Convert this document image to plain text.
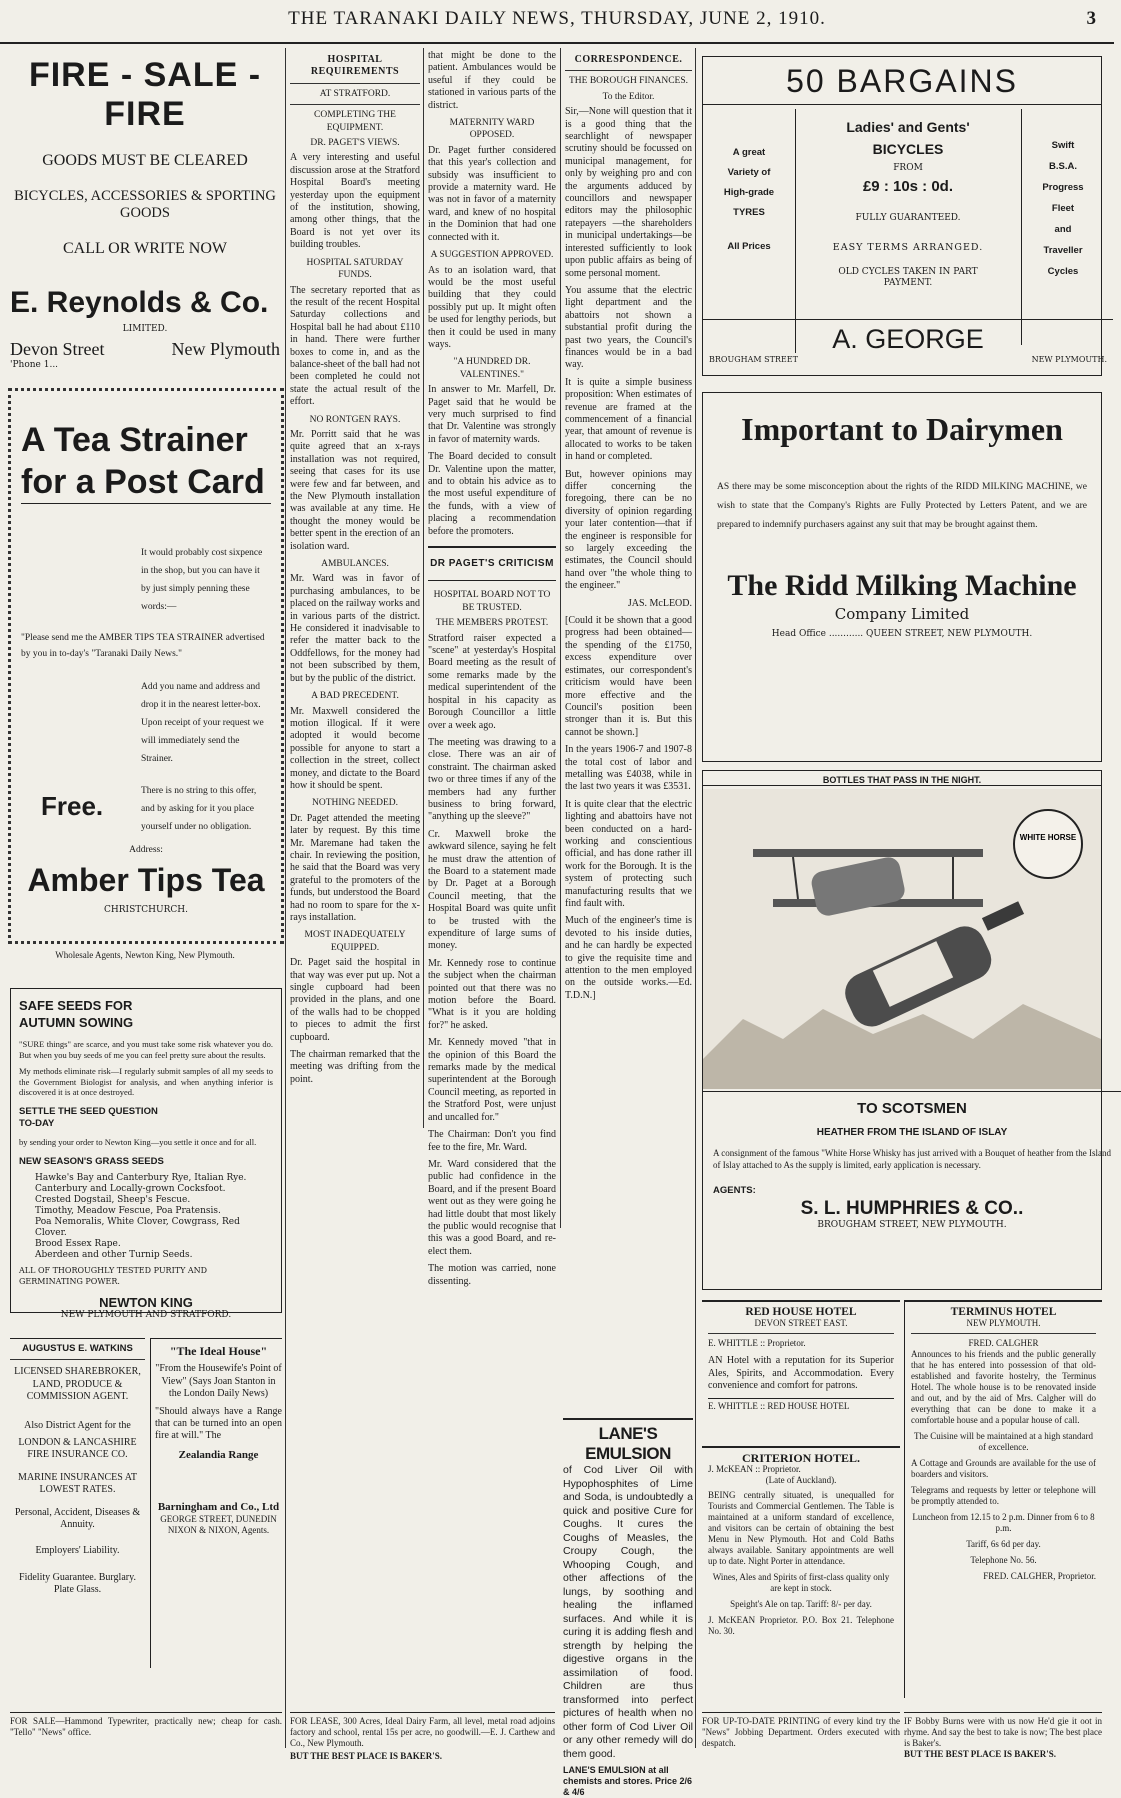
THE TARANAKI DAILY NEWS, THURSDAY, JUNE 2, 1910.	3
FIRE - SALE - FIRE
GOODS MUST BE CLEARED
BICYCLES, ACCESSORIES & SPORTING GOODS
CALL OR WRITE NOW
E. Reynolds & Co.
LIMITED.
Devon Street	New Plymouth
'Phone 1...
A Tea Strainer
for a Post Card
It would probably cost sixpence in the shop, but you can have it by just simply penning these words:—
"Please send me the AMBER TIPS TEA STRAINER advertised by you in to-day's "Taranaki Daily News."
Add you name and address and drop it in the nearest letter-box. Upon receipt of your request we will immediately send the Strainer.
Free.	There is no string to this offer, and by asking for it you place yourself under no obligation.
Address:
Amber Tips Tea
CHRISTCHURCH.
Wholesale Agents, Newton King, New Plymouth.
SAFE SEEDS FOR AUTUMN SOWING
"SURE things" are scarce, and you must take some risk whatever you do. But when you buy seeds of me you can feel pretty sure about the results.
My methods eliminate risk—I regularly submit samples of all my seeds to the Government Biologist for analysis, and when anything inferior is discovered it is at once destroyed.
SETTLE THE SEED QUESTION TO-DAY
by sending your order to Newton King—you settle it once and for all.
NEW SEASON'S GRASS SEEDS
Hawke's Bay and Canterbury Rye, Italian Rye.
Canterbury and Locally-grown Cocksfoot.
Crested Dogstail, Sheep's Fescue.
Timothy, Meadow Fescue, Poa Pratensis.
Poa Nemoralis, White Clover, Cowgrass, Red Clover.
Brood Essex Rape.
Aberdeen and other Turnip Seeds.
ALL OF THOROUGHLY TESTED PURITY AND GERMINATING POWER.
NEWTON KING
NEW PLYMOUTH AND STRATFORD.
AUGUSTUS E. WATKINS

LICENSED SHAREBROKER, LAND, PRODUCE & COMMISSION AGENT.

Also District Agent for the

LONDON & LANCASHIRE FIRE INSURANCE CO.

MARINE INSURANCES AT LOWEST RATES.

Personal, Accident, Diseases & Annuity.

Employers' Liability.

Fidelity Guarantee. Burglary. Plate Glass.

"The Ideal House"

"From the Housewife's Point of View" (Says Joan Stanton in the London Daily News)

"Should always have a Range that can be turned into an open fire at will." The

Zealandia Range
Barningham and Co., Ltd
GEORGE STREET, DUNEDIN
NIXON & NIXON, Agents.
HOSPITAL REQUIREMENTS
AT STRATFORD.
COMPLETING THE EQUIPMENT.
DR. PAGET'S VIEWS.

A very interesting and useful discussion arose at the Stratford Hospital Board's meeting yesterday upon the equipment of the institution, showing, among other things, that the Board is not yet over its building troubles.

HOSPITAL SATURDAY FUNDS.

The secretary reported that as the result of the recent Hospital Saturday collections and Hospital ball he had about £110 in hand. There were further boxes to come in, and as the balance-sheet of the ball had not been completed he could not state the actual result of the effort.

NO RONTGEN RAYS.

Mr. Porritt said that he was quite agreed that an x-rays installation was not required, seeing that cases for its use were few and far between, and the New Plymouth installation was available at any time. He thought the money would be better spent in the erection of an isolation ward.

AMBULANCES.

Mr. Ward was in favor of purchasing ambulances, to be placed on the railway works and in various parts of the district. He considered it inadvisable to refer the matter back to the Oddfellows, for the money had not been subscribed by them, but by the public of the district.

A BAD PRECEDENT.

Mr. Maxwell considered the motion illogical. If it were adopted it would become possible for anyone to start a collection in the street, collect money, and dictate to the Board how it should be spent.

NOTHING NEEDED.

Dr. Paget attended the meeting later by request. By this time Mr. Maremane had taken the chair. In reviewing the position, he said that the Board was very grateful to the promoters of the funds, but understood the Board had no room to spare for the x-rays installation.

MOST INADEQUATELY EQUIPPED.

Dr. Paget said the hospital in that way was ever put up. Not a single cupboard had been provided in the plans, and one of the walls had to be chopped to pieces to admit the first cupboard.

The chairman remarked that the meeting was drifting from the point.

that might be done to the patient. Ambulances would be useful if they could be stationed in various parts of the district.

MATERNITY WARD OPPOSED.

Dr. Paget further considered that this year's collection and subsidy was insufficient to provide a maternity ward. He was not in favor of a maternity ward, and knew of no hospital in the Dominion that had one connected with it.

A SUGGESTION APPROVED.

As to an isolation ward, that would be the most useful building that they could possibly put up. It might often be used for lengthy periods, but then it could be used in many ways.

"A HUNDRED DR. VALENTINES."

In answer to Mr. Marfell, Dr. Paget said that he would be very much surprised to find that Dr. Valentine was strongly in favor of maternity wards.

The Board decided to consult Dr. Valentine upon the matter, and to obtain his advice as to the most useful expenditure of the funds, with a view of placing a recommendation before the promoters.

DR PAGET'S CRITICISM
HOSPITAL BOARD NOT TO BE TRUSTED.
THE MEMBERS PROTEST.

Stratford raiser expected a "scene" at yesterday's Hospital Board meeting as the result of some remarks made by the medical superintendent of the hospital in his capacity as Borough Councillor a little over a week ago.

The meeting was drawing to a close. There was an air of constraint. The chairman asked two or three times if any of the members had any further business to bring forward, "anything up the sleeve?"

Cr. Maxwell broke the awkward silence, saying he felt he must draw the attention of the Board to a statement made by Dr. Paget at a Borough Council meeting, that the Hospital Board was quite unfit to be trusted with the expenditure of large sums of money.

Mr. Kennedy rose to continue the subject when the chairman pointed out that there was no motion before the Board. "What is it you are holding for?" he asked.

Mr. Kennedy moved "that in the opinion of this Board the remarks made by the medical superintendent at the Borough Council meeting, as reported in the Stratford Post, were unjust and uncalled for."

The Chairman: Don't you find fee to the fire, Mr. Ward.

Mr. Ward considered that the public had confidence in the Board, and if the present Board went out as they were going he had little doubt that most likely the public would recognise that this was a good Board, and re-elect them.

The motion was carried, none dissenting.

CORRESPONDENCE.
THE BOROUGH FINANCES.
To the Editor.

Sir,—None will question that it is a good thing that the searchlight of newspaper scrutiny should be focussed on municipal management, for only by weighing pro and con the arguments adduced by councillors and newspaper editors may the philosophic ratepayers —the shareholders in municipal undertakings—be interested sufficiently to look upon public affairs as being of some personal moment.

You assume that the electric light department and the abattoirs not shown a substantial profit during the past two years, the Council's finances would be in a bad way.

It is quite a simple business proposition: When estimates of revenue are framed at the commencement of a financial year, that amount of revenue is allocated to works to be taken in hand or completed.

But, however opinions may differ concerning the foregoing, there can be no diversity of opinion regarding your later contention—that if the engineer is responsible for so largely exceeding the estimates, the Council should hand over "the whole thing to the engineer."

JAS. McLEOD.

[Could it be shown that a good progress had been obtained—the spending of the £1750, excess expenditure over estimates, our correspondent's criticism would have been more effective and the Council's position been stronger than it is. But this cannot be shown.]

In the years 1906-7 and 1907-8 the total cost of labor and metalling was £4038, while in the last two years it was £3531.

It is quite clear that the electric lighting and abattoirs have not been conducted on a hard-working and conscientious official, and has done rather ill work for the Borough. It is the system of protecting such manufacturing results that we find fault with.

Much of the engineer's time is devoted to his inside duties, and he can hardly be expected to give the requisite time and attention to the men employed on the outside works.—Ed. T.D.N.]

LANE'S EMULSION
of Cod Liver Oil with Hypophosphites of Lime and Soda, is undoubtedly a quick and positive Cure for Coughs. It cures the Coughs of Measles, the Croupy Cough, the Whooping Cough, and other affections of the lungs, by soothing and healing the inflamed surfaces. And while it is curing it is adding flesh and strength by helping the digestive organs in the assimilation of food. Children are thus transformed into perfect pictures of health when no other form of Cod Liver Oil or any other remedy will do them good.
LANE'S EMULSION at all chemists and stores. Price 2/6 & 4/6
50 BARGAINS
A great
Variety of
High-grade
TYRES
All Prices
Ladies' and Gents'
BICYCLES
FROM
£9 : 10s : 0d.
FULLY GUARANTEED.
EASY TERMS ARRANGED.
OLD CYCLES TAKEN IN PART PAYMENT.
Swift
B.S.A.
Progress
Fleet
and
Traveller
Cycles
A. GEORGE
BROUGHAM STREET	NEW PLYMOUTH.
Important to Dairymen
AS there may be some misconception about the rights of the RIDD MILKING MACHINE, we wish to state that the Company's Rights are Fully Protected by Letters Patent, and we are prepared to indemnify purchasers against any suit that may be brought against them.
The Ridd Milking Machine
Company Limited
Head Office ............ QUEEN STREET, NEW PLYMOUTH.
BOTTLES THAT PASS IN THE NIGHT.
WHITE HORSE
TO SCOTSMEN
HEATHER FROM THE ISLAND OF ISLAY
A consignment of the famous "White Horse Whisky has just arrived with a Bouquet of heather from the Island of Islay attached to As the supply is limited, early application is necessary.
AGENTS:
S. L. HUMPHRIES & CO..
BROUGHAM STREET, NEW PLYMOUTH.
RED HOUSE HOTEL
DEVON STREET EAST.
E. WHITTLE :: Proprietor.

AN Hotel with a reputation for its Superior Ales, Spirits, and Accommodation. Every convenience and comfort for patrons.

E. WHITTLE :: RED HOUSE HOTEL
CRITERION HOTEL.
J. McKEAN :: Proprietor.
(Late of Auckland).

BEING centrally situated, is unequalled for Tourists and Commercial Gentlemen. The Table is maintained at a uniform standard of excellence, and visitors can be certain of obtaining the best Menu in New Plymouth. Hot and Cold Baths always available. Sanitary appointments are well up to date. Night Porter in attendance.

Wines, Ales and Spirits of first-class quality only are kept in stock.

Speight's Ale on tap. Tariff: 8/- per day.

J. McKEAN Proprietor. P.O. Box 21. Telephone No. 30.

TERMINUS HOTEL
NEW PLYMOUTH.
FRED. CALGHER

Announces to his friends and the public generally that he has entered into possession of that old-established and favorite hostelry, the Terminus Hotel. The whole house is to be renovated inside and out, and by the aid of Mrs. Calgher will do everything that can be done to make it a comfortable house and a popular house of call.

The Cuisine will be maintained at a high standard of excellence.

A Cottage and Grounds are available for the use of boarders and visitors.

Telegrams and requests by letter or telephone will be promptly attended to.

Luncheon from 12.15 to 2 p.m. Dinner from 6 to 8 p.m.

Tariff, 6s 6d per day.

Telephone No. 56.

FRED. CALGHER, Proprietor.

FOR SALE—Hammond Typewriter, practically new; cheap for cash. "Tello" "News" office.
FOR LEASE, 300 Acres, Ideal Dairy Farm, all level, metal road adjoins factory and school, rental 15s per acre, no goodwill.—E. J. Carthew and Co., New Plymouth.
BUT THE BEST PLACE IS BAKER'S.
FOR UP-TO-DATE PRINTING of every kind try the "News" Jobbing Department. Orders executed with despatch.
IF Bobby Burns were with us now He'd gie it oot in rhyme. And say the best to take is now; The best place is Baker's.
BUT THE BEST PLACE IS BAKER'S.
